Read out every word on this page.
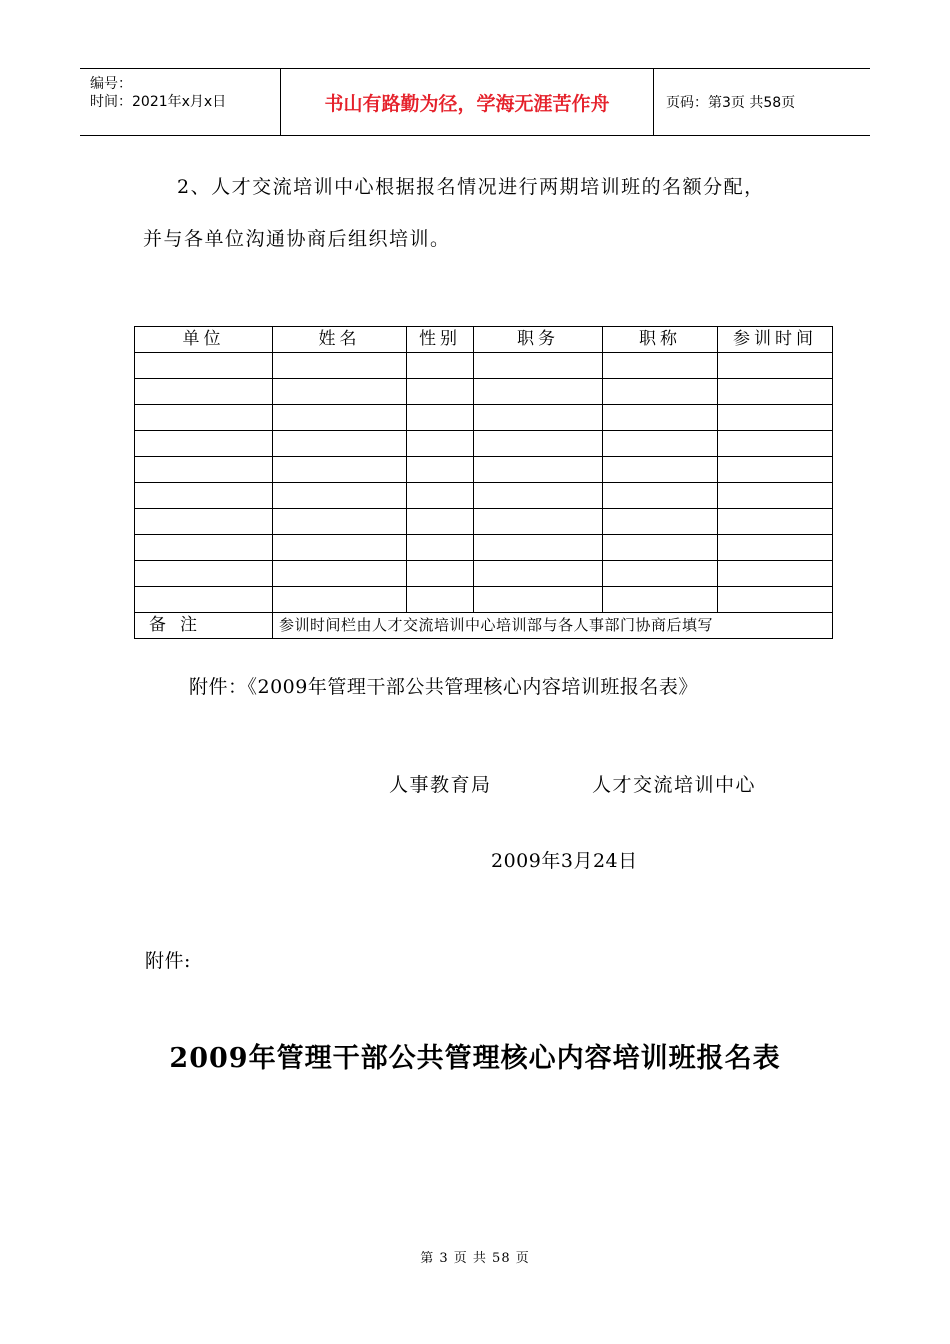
编号：
时间：2021年x月x日	书山有路勤为径，学海无涯苦作舟	页码：第3页 共58页
2、人才交流培训中心根据报名情况进行两期培训班的名额分配，
并与各单位沟通协商后组织培训。
单位	姓名	性别	职务	职称	参训时间

备注	参训时间栏由人才交流培训中心培训部与各人事部门协商后填写				
附件：《2009年管理干部公共管理核心内容培训班报名表》
人事教育局	人才交流培训中心
2009年3月24日
附件:
2009年管理干部公共管理核心内容培训班报名表
第 3 页 共 58 页
